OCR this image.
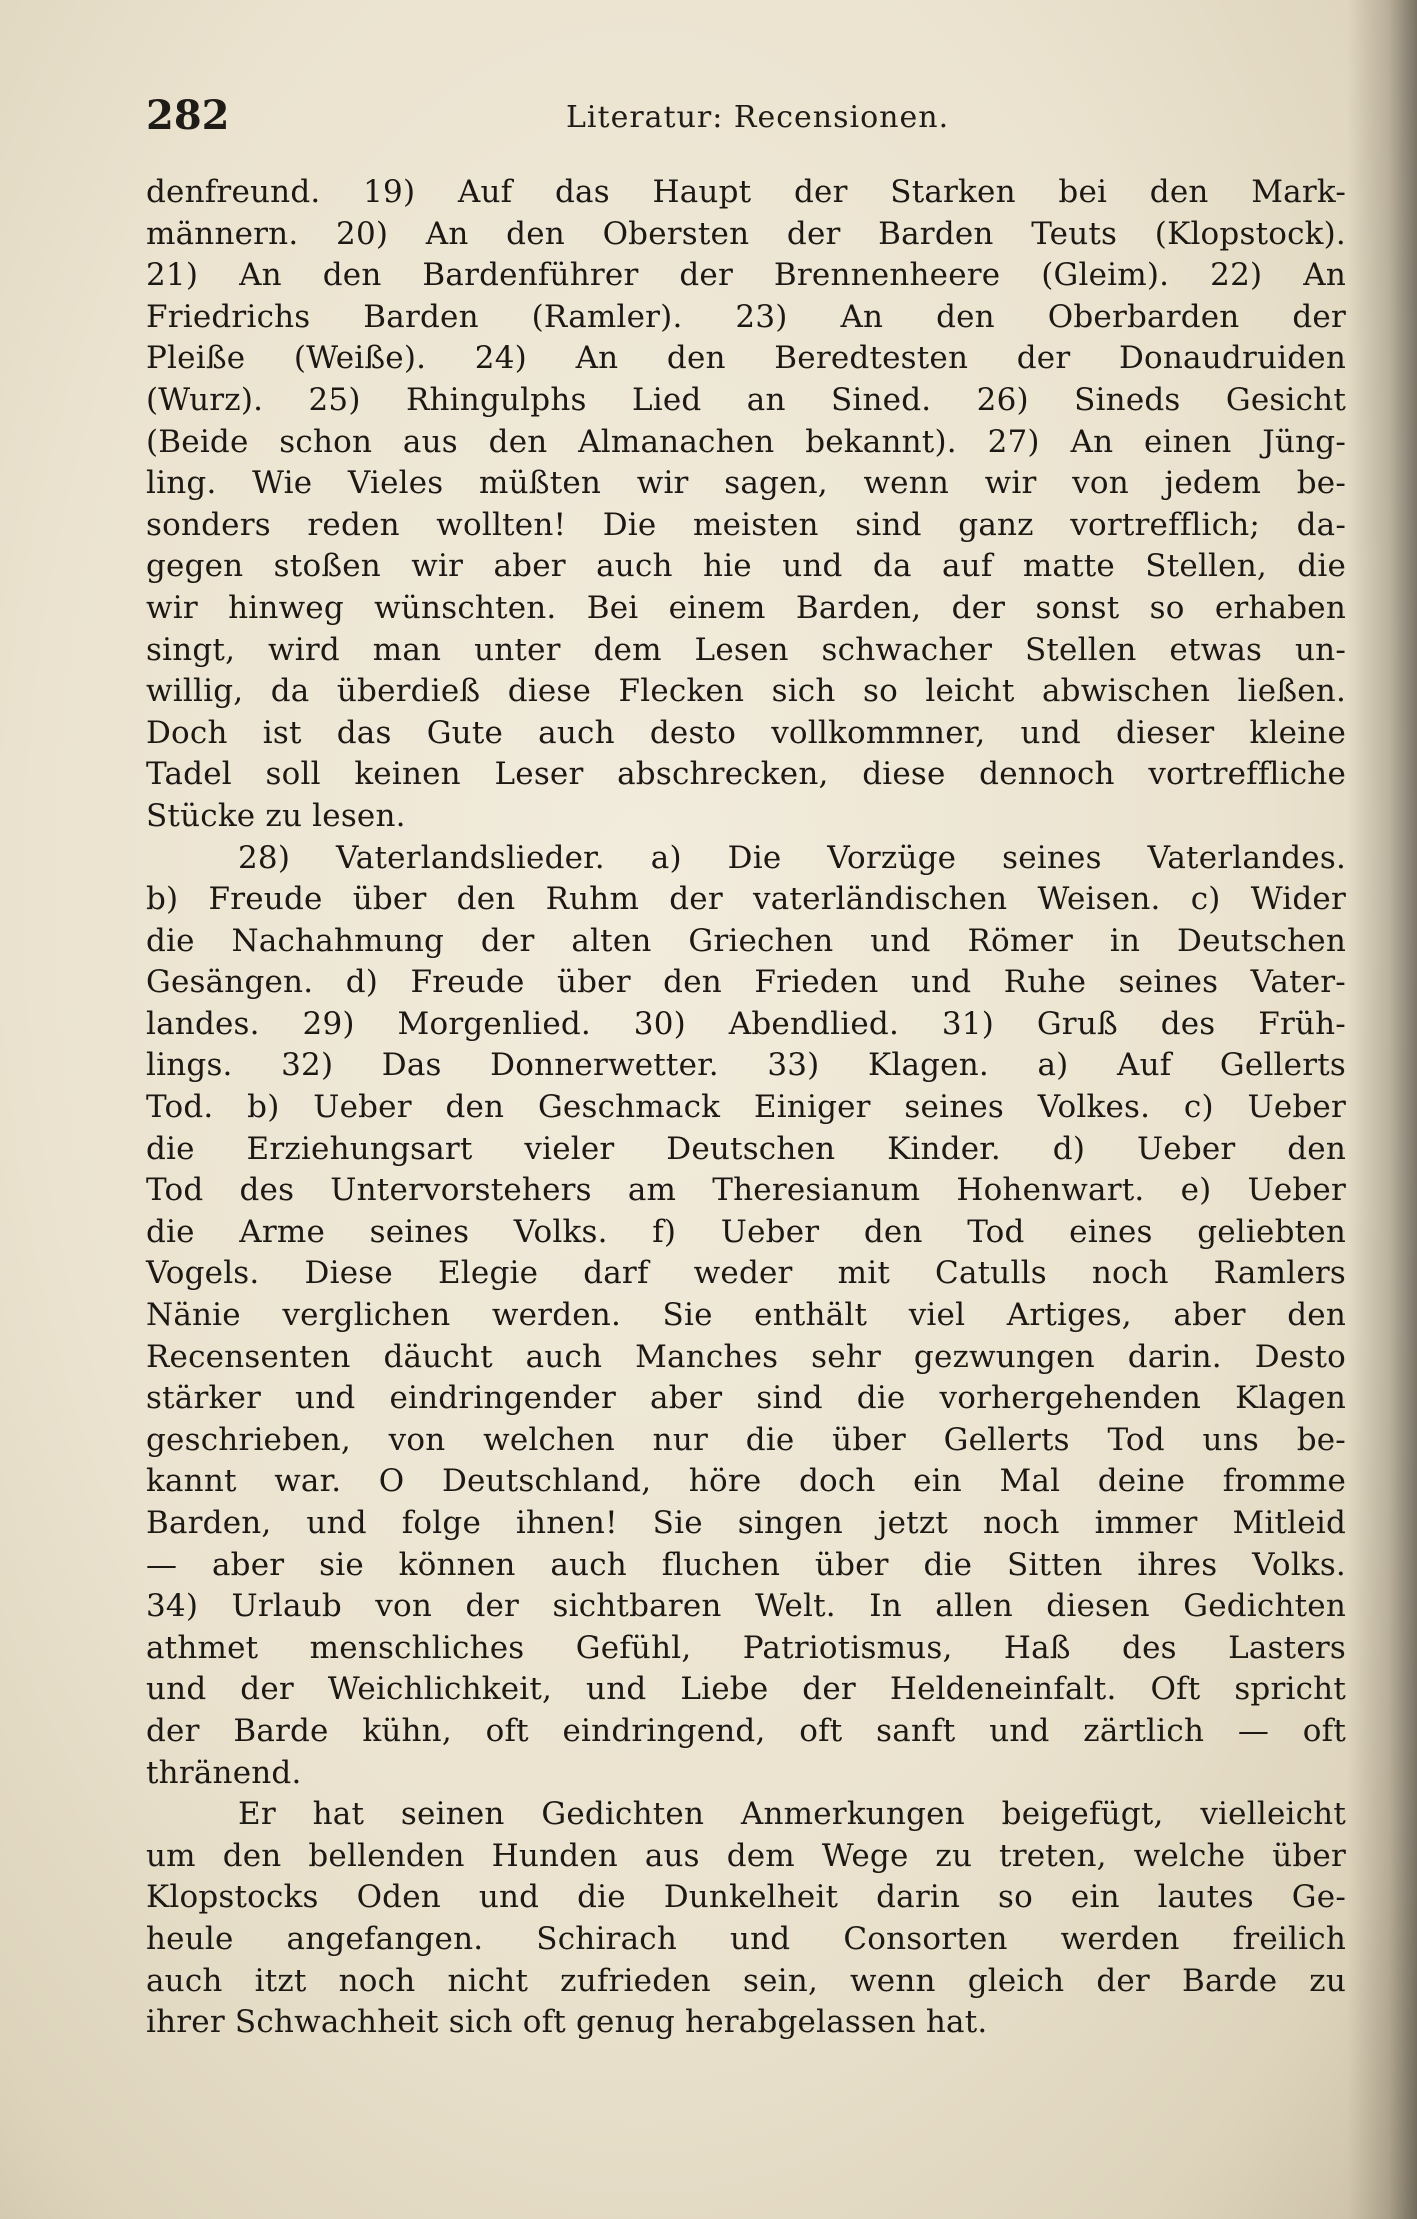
282	Literatur: Recensionen.
denfreund. 19) Auf das Haupt der Starken bei den Mark-
männern. 20) An den Obersten der Barden Teuts (Klopstock).
21) An den Bardenführer der Brennenheere (Gleim). 22) An
Friedrichs Barden (Ramler). 23) An den Oberbarden der
Pleiße (Weiße). 24) An den Beredtesten der Donaudruiden
(Wurz). 25) Rhingulphs Lied an Sined. 26) Sineds Gesicht
(Beide schon aus den Almanachen bekannt). 27) An einen Jüng-
ling. Wie Vieles müßten wir sagen, wenn wir von jedem be-
sonders reden wollten! Die meisten sind ganz vortrefflich; da-
gegen stoßen wir aber auch hie und da auf matte Stellen, die
wir hinweg wünschten. Bei einem Barden, der sonst so erhaben
singt, wird man unter dem Lesen schwacher Stellen etwas un-
willig, da überdieß diese Flecken sich so leicht abwischen ließen.
Doch ist das Gute auch desto vollkommner, und dieser kleine
Tadel soll keinen Leser abschrecken, diese dennoch vortreffliche
Stücke zu lesen.
28) Vaterlandslieder. a) Die Vorzüge seines Vaterlandes.
b) Freude über den Ruhm der vaterländischen Weisen. c) Wider
die Nachahmung der alten Griechen und Römer in Deutschen
Gesängen. d) Freude über den Frieden und Ruhe seines Vater-
landes. 29) Morgenlied. 30) Abendlied. 31) Gruß des Früh-
lings. 32) Das Donnerwetter. 33) Klagen. a) Auf Gellerts
Tod. b) Ueber den Geschmack Einiger seines Volkes. c) Ueber
die Erziehungsart vieler Deutschen Kinder. d) Ueber den
Tod des Untervorstehers am Theresianum Hohenwart. e) Ueber
die Arme seines Volks. f) Ueber den Tod eines geliebten
Vogels. Diese Elegie darf weder mit Catulls noch Ramlers
Nänie verglichen werden. Sie enthält viel Artiges, aber den
Recensenten däucht auch Manches sehr gezwungen darin. Desto
stärker und eindringender aber sind die vorhergehenden Klagen
geschrieben, von welchen nur die über Gellerts Tod uns be-
kannt war. O Deutschland, höre doch ein Mal deine fromme
Barden, und folge ihnen! Sie singen jetzt noch immer Mitleid
— aber sie können auch fluchen über die Sitten ihres Volks.
34) Urlaub von der sichtbaren Welt. In allen diesen Gedichten
athmet menschliches Gefühl, Patriotismus, Haß des Lasters
und der Weichlichkeit, und Liebe der Heldeneinfalt. Oft spricht
der Barde kühn, oft eindringend, oft sanft und zärtlich — oft
thränend.
Er hat seinen Gedichten Anmerkungen beigefügt, vielleicht
um den bellenden Hunden aus dem Wege zu treten, welche über
Klopstocks Oden und die Dunkelheit darin so ein lautes Ge-
heule angefangen. Schirach und Consorten werden freilich
auch itzt noch nicht zufrieden sein, wenn gleich der Barde zu
ihrer Schwachheit sich oft genug herabgelassen hat.
